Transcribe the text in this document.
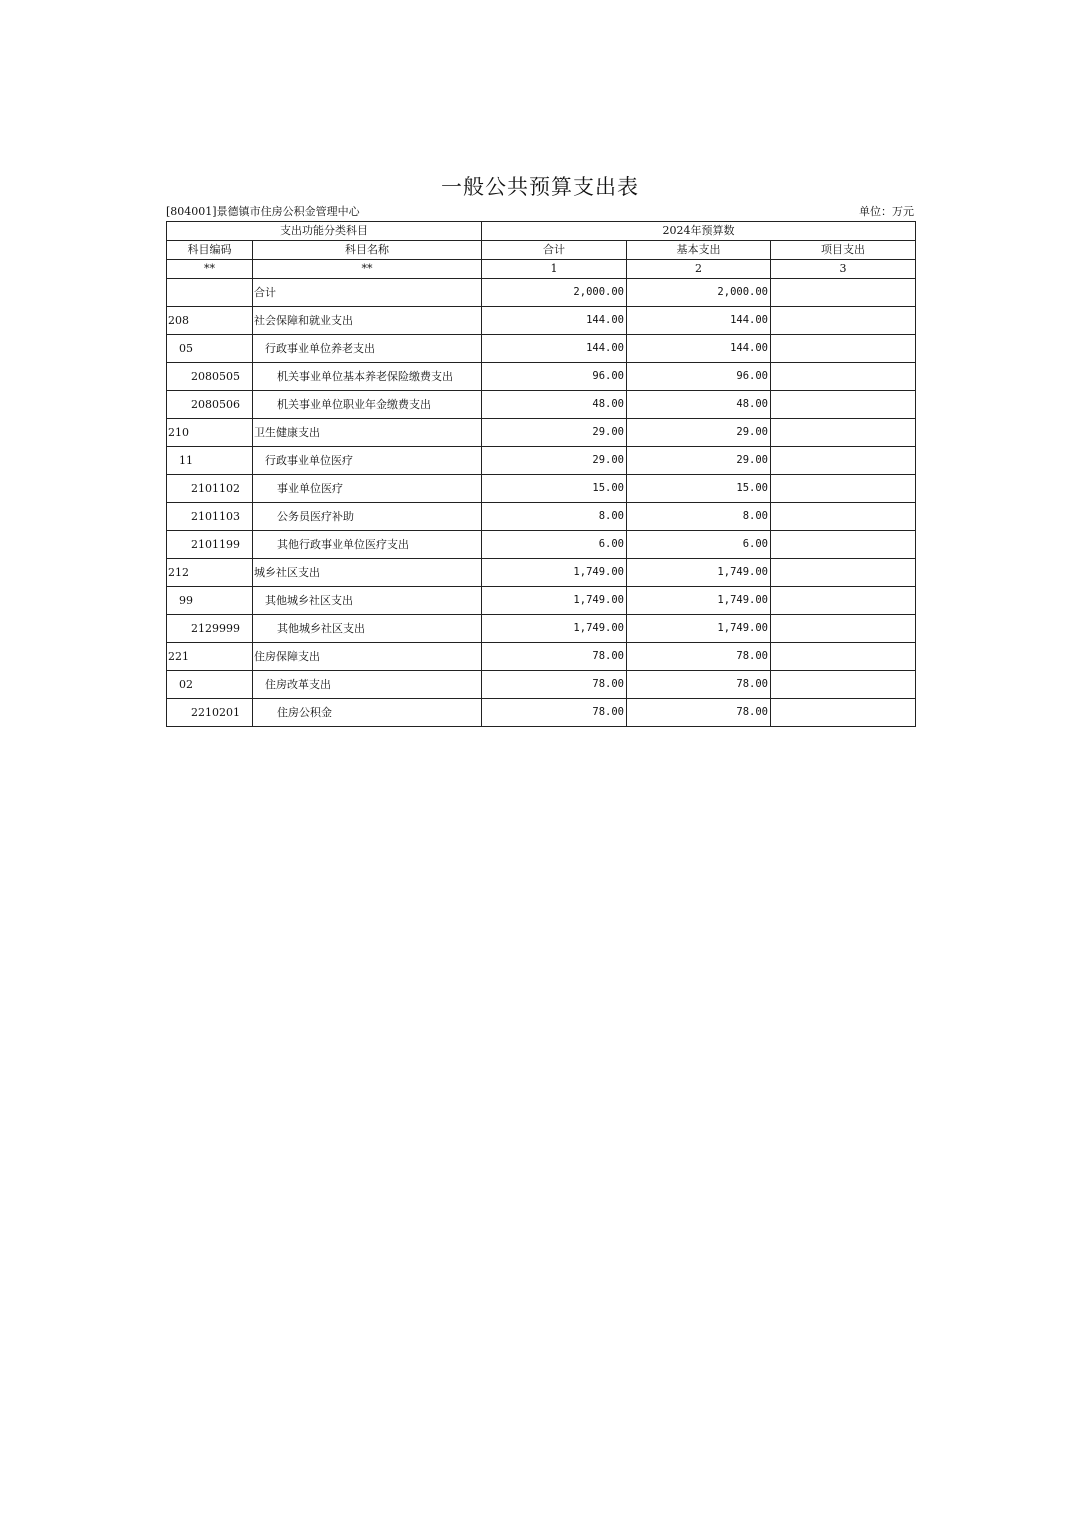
一般公共预算支出表
[804001]景德镇市住房公积金管理中心	单位：万元
支出功能分类科目		2024年预算数		
科目编码	科目名称	合计	基本支出	项目支出
**	**	1	2	3
	合计	2,000.00	2,000.00	
208	社会保障和就业支出	144.00	144.00	
05	行政事业单位养老支出	144.00	144.00	
2080505	机关事业单位基本养老保险缴费支出	96.00	96.00	
2080506	机关事业单位职业年金缴费支出	48.00	48.00	
210	卫生健康支出	29.00	29.00	
11	行政事业单位医疗	29.00	29.00	
2101102	事业单位医疗	15.00	15.00	
2101103	公务员医疗补助	8.00	8.00	
2101199	其他行政事业单位医疗支出	6.00	6.00	
212	城乡社区支出	1,749.00	1,749.00	
99	其他城乡社区支出	1,749.00	1,749.00	
2129999	其他城乡社区支出	1,749.00	1,749.00	
221	住房保障支出	78.00	78.00	
02	住房改革支出	78.00	78.00	
2210201	住房公积金	78.00	78.00	
